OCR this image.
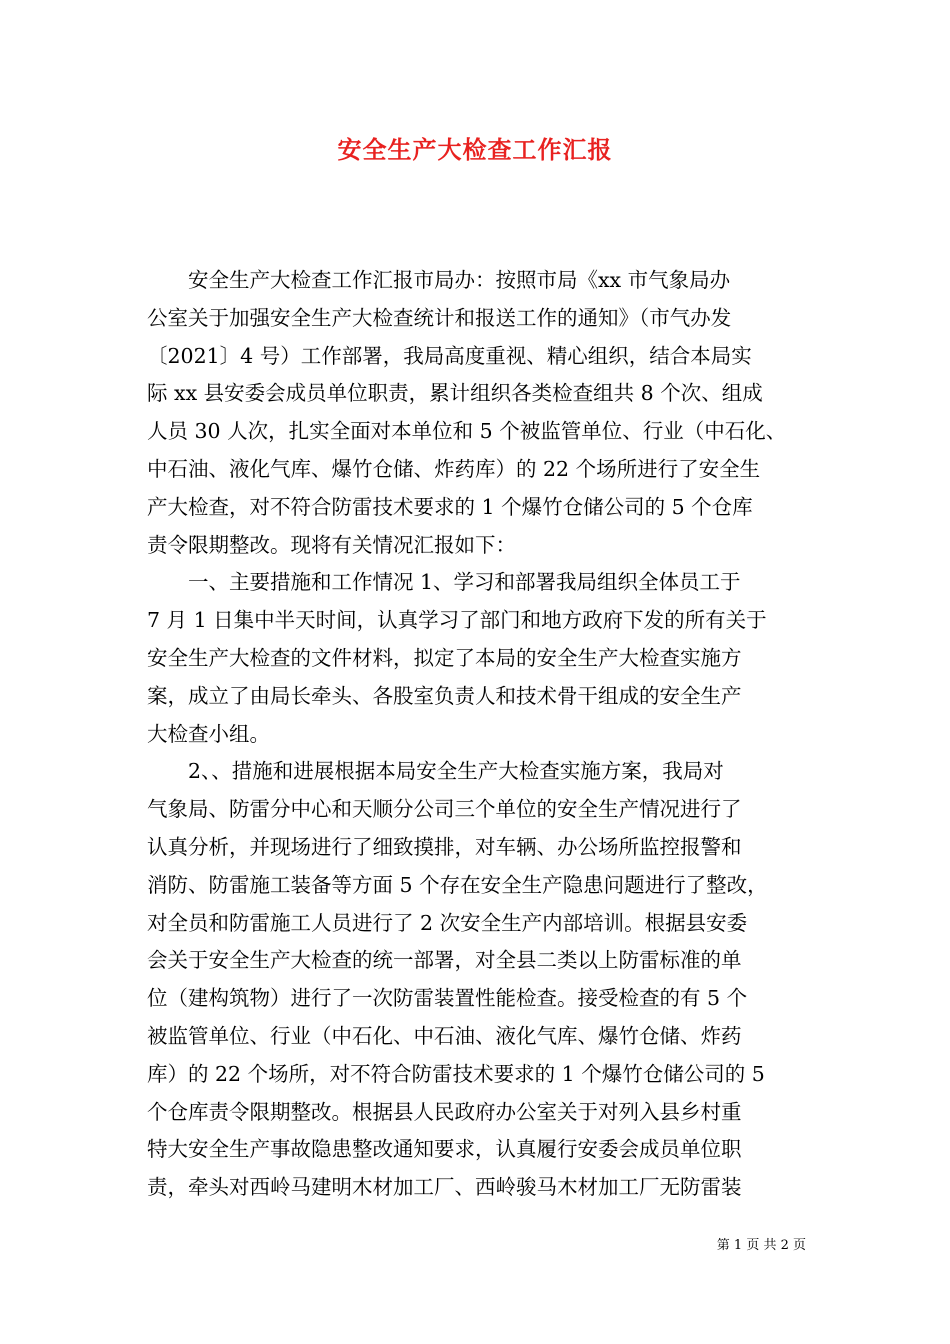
安全生产大检查工作汇报
　　安全生产大检查工作汇报市局办：按照市局《xx 市气象局办
公室关于加强安全生产大检查统计和报送工作的通知》（市气办发
〔2021〕4 号）工作部署，我局高度重视、精心组织，结合本局实
际 xx 县安委会成员单位职责，累计组织各类检查组共 8 个次、组成
人员 30 人次，扎实全面对本单位和 5 个被监管单位、行业（中石化、
中石油、液化气库、爆竹仓储、炸药库）的 22 个场所进行了安全生
产大检查，对不符合防雷技术要求的 1 个爆竹仓储公司的 5 个仓库
责令限期整改。现将有关情况汇报如下：
　　一、主要措施和工作情况 1、学习和部署我局组织全体员工于
7 月 1 日集中半天时间，认真学习了部门和地方政府下发的所有关于
安全生产大检查的文件材料，拟定了本局的安全生产大检查实施方
案，成立了由局长牵头、各股室负责人和技术骨干组成的安全生产
大检查小组。
　　2、、措施和进展根据本局安全生产大检查实施方案，我局对
气象局、防雷分中心和天顺分公司三个单位的安全生产情况进行了
认真分析，并现场进行了细致摸排，对车辆、办公场所监控报警和
消防、防雷施工装备等方面 5 个存在安全生产隐患问题进行了整改，
对全员和防雷施工人员进行了 2 次安全生产内部培训。根据县安委
会关于安全生产大检查的统一部署，对全县二类以上防雷标准的单
位（建构筑物）进行了一次防雷装置性能检查。接受检查的有 5 个
被监管单位、行业（中石化、中石油、液化气库、爆竹仓储、炸药
库）的 22 个场所，对不符合防雷技术要求的 1 个爆竹仓储公司的 5
个仓库责令限期整改。根据县人民政府办公室关于对列入县乡村重
特大安全生产事故隐患整改通知要求，认真履行安委会成员单位职
责，牵头对西岭马建明木材加工厂、西岭骏马木材加工厂无防雷装
第 1 页 共 2 页
